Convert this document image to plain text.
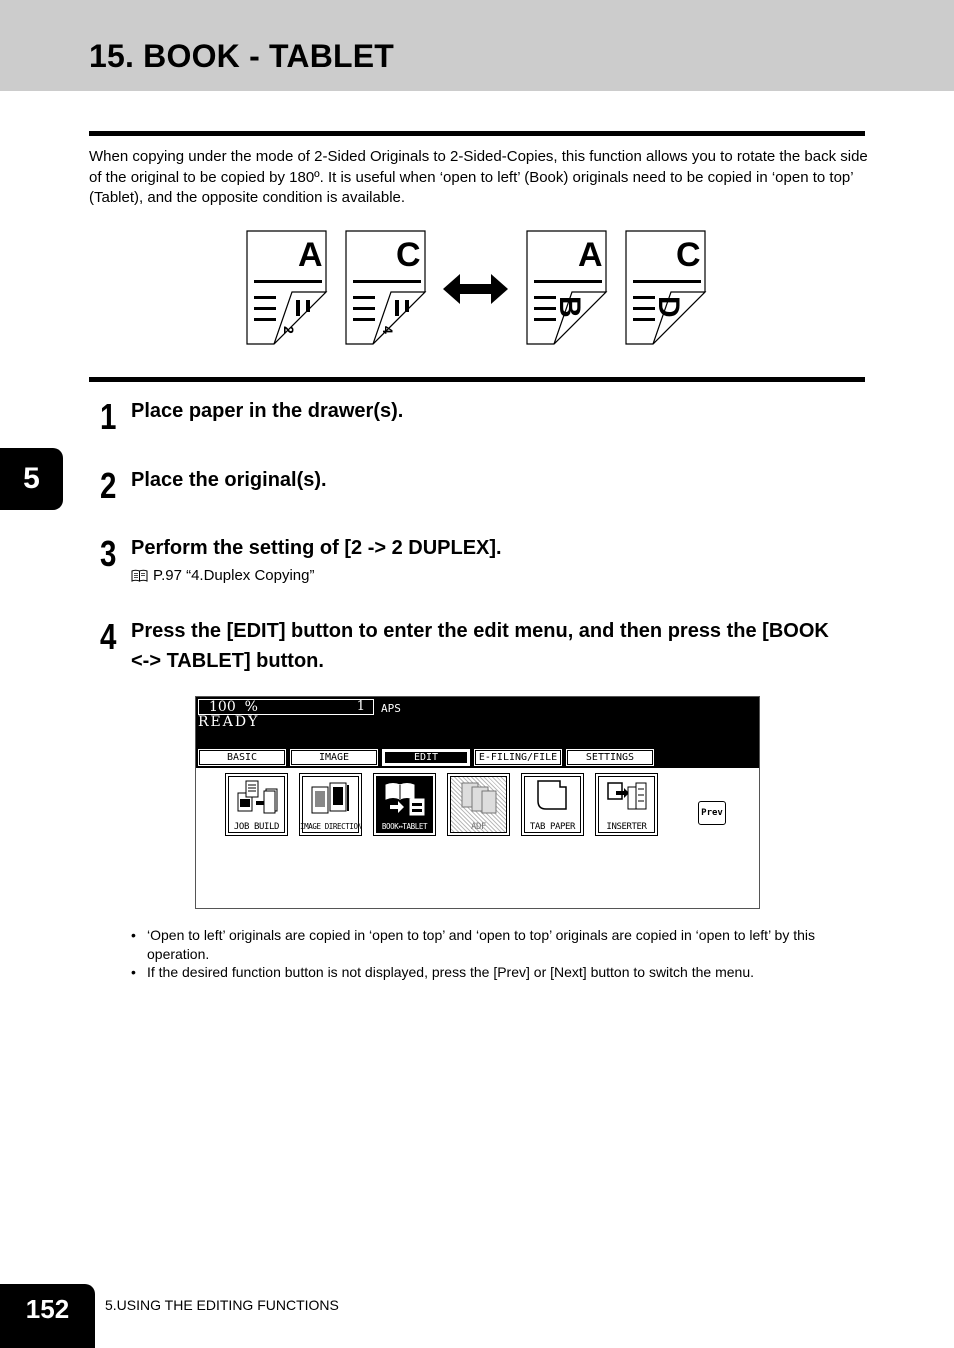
15. BOOK - TABLET

When copying under the mode of 2-Sided Originals to 2-Sided-Copies, this function allows you to rotate the back side of the original to be copied by 180º. It is useful when ‘open to left’ (Book) originals need to be copied in ‘open to top’ (Tablet), and the opposite condition is available.

A
2
C
4
A
B
C
D
5
1 Place paper in the drawer(s).
2 Place the original(s).
3 Perform the setting of [2 -> 2 DUPLEX].
P.97 “4.Duplex Copying”
4 Press the [EDIT] button to enter the edit menu, and then press the [BOOK <-> TABLET] button.
100  %	1 APS
READY
BASIC	IMAGE	EDIT	E-FILING/FILE	SETTINGS
JOB BUILD	IMAGE DIRECTION	BOOK↔TABLET	ADF	TAB PAPER	INSERTER
Prev
• ‘Open to left’ originals are copied in ‘open to top’ and ‘open to top’ originals are copied in ‘open to left’ by this operation.
• If the desired function button is not displayed, press the [Prev] or [Next] button to switch the menu.
152	5.USING THE EDITING FUNCTIONS
